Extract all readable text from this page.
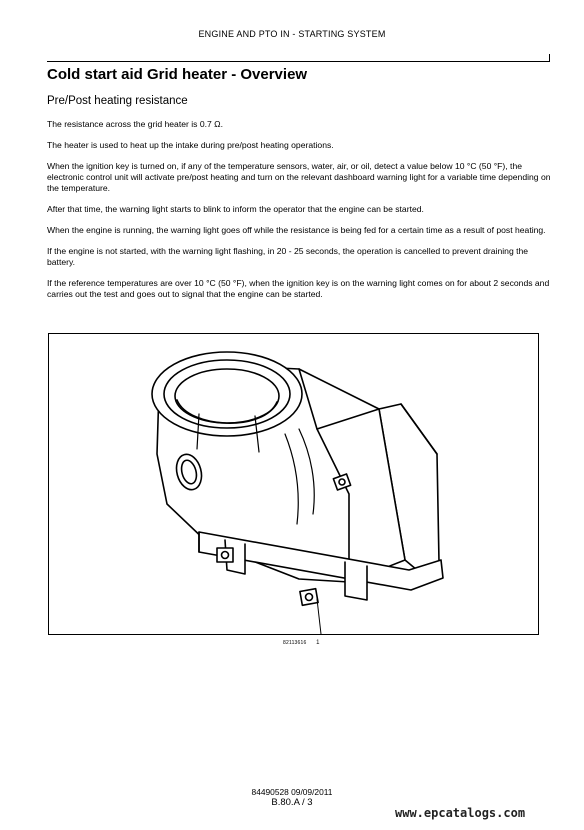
ENGINE AND PTO IN - STARTING SYSTEM
Cold start aid Grid heater - Overview
Pre/Post heating resistance

The resistance across the grid heater is 0.7 Ω.

The heater is used to heat up the intake during pre/post heating operations.

When the ignition key is turned on, if any of the temperature sensors, water, air, or oil, detect a value below 10 °C (50 °F), the electronic control unit will activate pre/post heating and turn on the relevant dashboard warning light for a variable time depending on the temperature.

After that time, the warning light starts to blink to inform the operator that the engine can be started.

When the engine is running, the warning light goes off while the resistance is being fed for a certain time as a result of post heating.

If the engine is not started, with the warning light flashing, in 20 - 25 seconds, the operation is cancelled to prevent draining the battery.

If the reference temperatures are over 10 °C (50 °F), when the ignition key is on the warning light comes on for about 2 seconds and carries out the test and goes out to signal that the engine can be started.

82113616 1
84490528 09/09/2011
B.80.A / 3
www.epcatalogs.com
